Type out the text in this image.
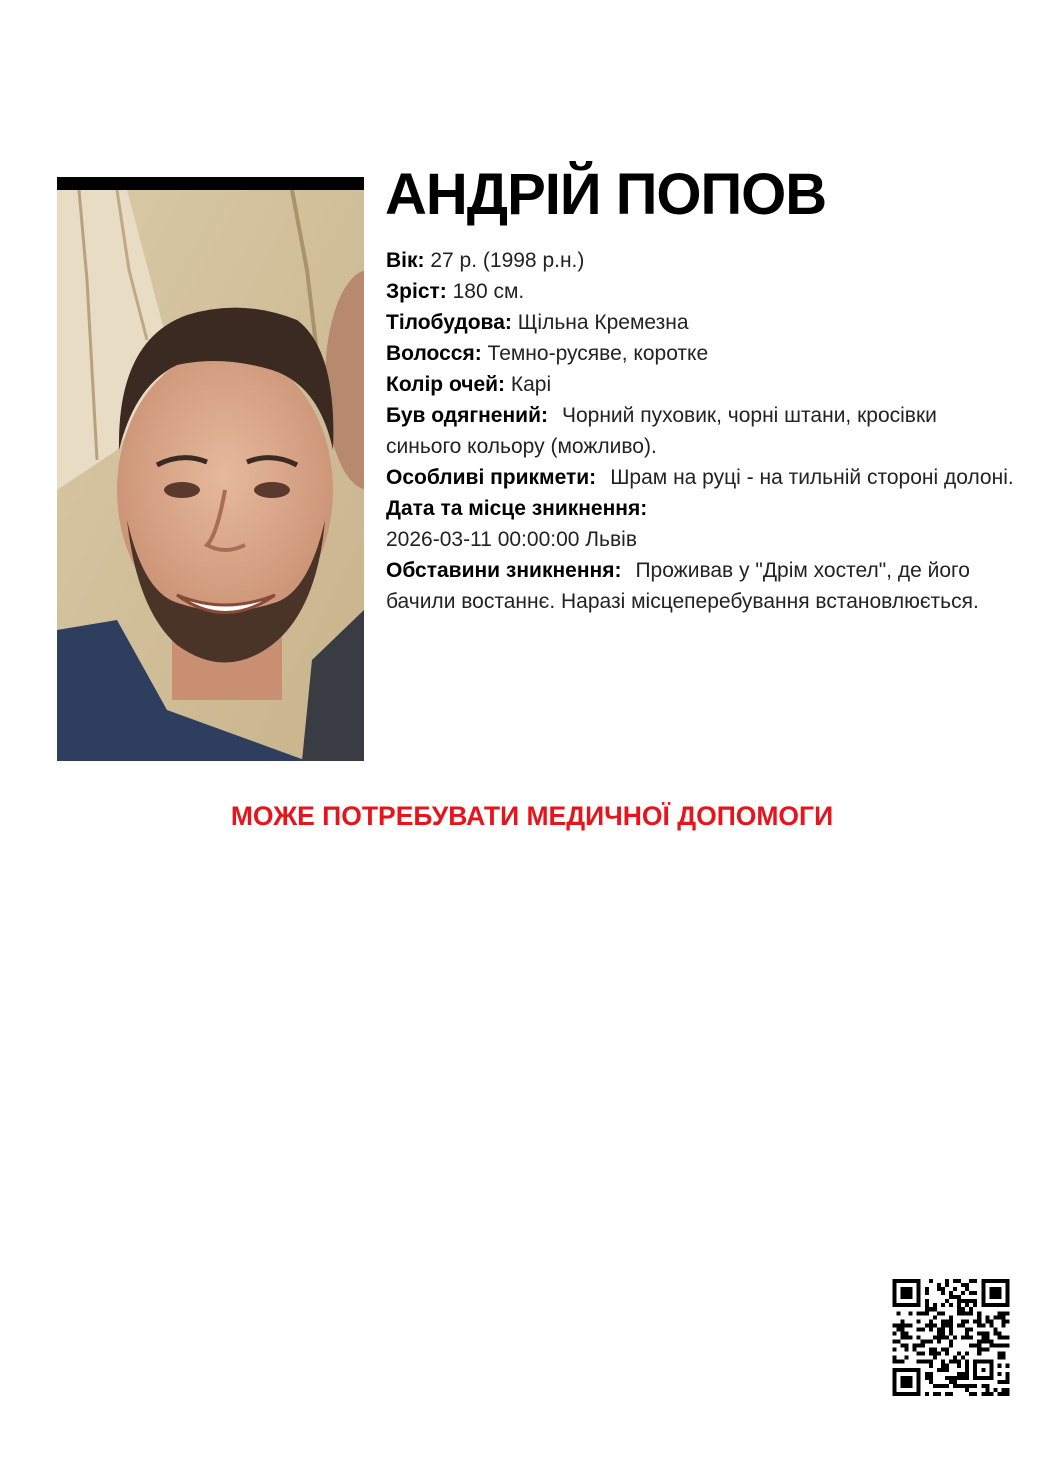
АНДРІЙ ПОПОВ

Вік: 27 р. (1998 р.н.)

Зріст: 180 см.

Тілобудова: Щільна Кремезна

Волосся: Темно-русяве, коротке

Колір очей: Карі

Був одягнений: Чорний пуховик, чорні штани, кросівки синього кольору (можливо).

Особливі прикмети: Шрам на руці - на тильній стороні долоні.

Дата та місце зникнення:

2026-03-11 00:00:00 Львів

Обставини зникнення: Проживав у "Дрім хостел", де його бачили востаннє. Наразі місцеперебування встановлюється.

МОЖЕ ПОТРЕБУВАТИ МЕДИЧНОЇ ДОПОМОГИ
